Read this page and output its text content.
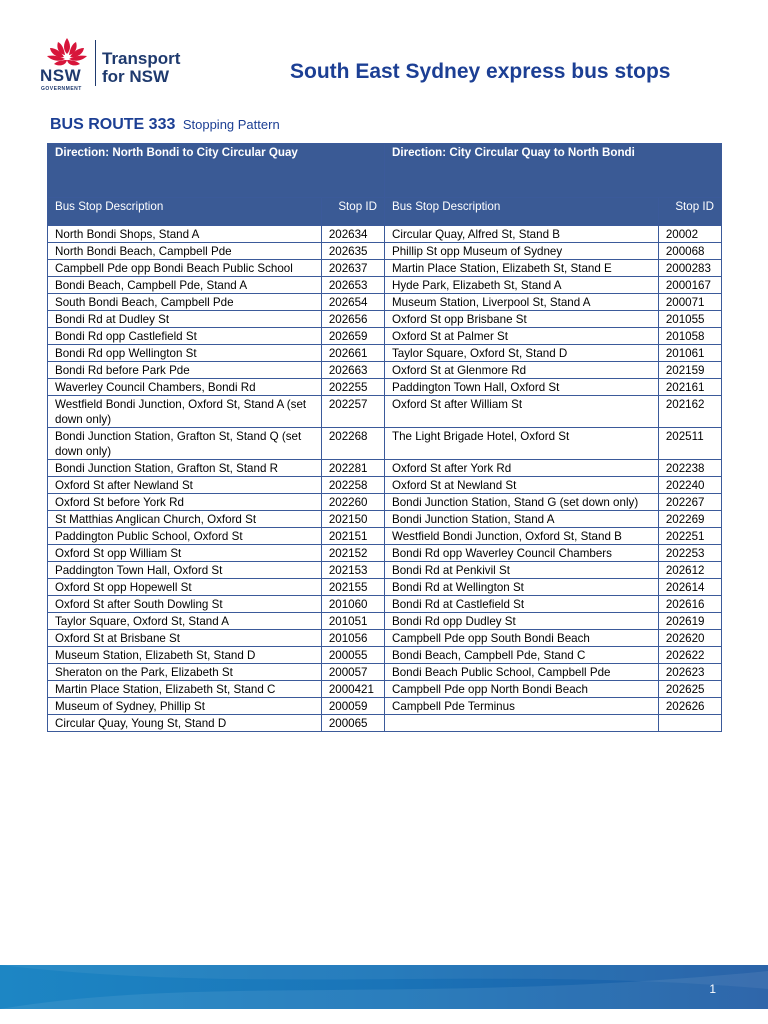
NSW
GOVERNMENT
Transport
for NSW	South East Sydney express bus stops
BUS ROUTE 333 Stopping Pattern
Direction: North Bondi to City Circular Quay		Direction: City Circular Quay to North Bondi	
Bus Stop Description	Stop ID	Bus Stop Description	Stop ID
North Bondi Shops, Stand A	202634	Circular Quay, Alfred St, Stand B	20002
North Bondi Beach, Campbell Pde	202635	Phillip St opp Museum of Sydney	200068
Campbell Pde opp Bondi Beach Public School	202637	Martin Place Station, Elizabeth St, Stand E	2000283
Bondi Beach, Campbell Pde, Stand A	202653	Hyde Park, Elizabeth St, Stand A	2000167
South Bondi Beach, Campbell Pde	202654	Museum Station, Liverpool St, Stand A	200071
Bondi Rd at Dudley St	202656	Oxford St opp Brisbane St	201055
Bondi Rd opp Castlefield St	202659	Oxford St at Palmer St	201058
Bondi Rd opp Wellington St	202661	Taylor Square, Oxford St, Stand D	201061
Bondi Rd before Park Pde	202663	Oxford St at Glenmore Rd	202159
Waverley Council Chambers, Bondi Rd	202255	Paddington Town Hall, Oxford St	202161
Westfield Bondi Junction, Oxford St, Stand A (set down only)	202257	Oxford St after William St	202162
Bondi Junction Station, Grafton St, Stand Q (set down only)	202268	The Light Brigade Hotel, Oxford St	202511
Bondi Junction Station, Grafton St, Stand R	202281	Oxford St after York Rd	202238
Oxford St after Newland St	202258	Oxford St at Newland St	202240
Oxford St before York Rd	202260	Bondi Junction Station, Stand G (set down only)	202267
St Matthias Anglican Church, Oxford St	202150	Bondi Junction Station, Stand A	202269
Paddington Public School, Oxford St	202151	Westfield Bondi Junction, Oxford St, Stand B	202251
Oxford St opp William St	202152	Bondi Rd opp Waverley Council Chambers	202253
Paddington Town Hall, Oxford St	202153	Bondi Rd at Penkivil St	202612
Oxford St opp Hopewell St	202155	Bondi Rd at Wellington St	202614
Oxford St after South Dowling St	201060	Bondi Rd at Castlefield St	202616
Taylor Square, Oxford St, Stand A	201051	Bondi Rd opp Dudley St	202619
Oxford St at Brisbane St	201056	Campbell Pde opp South Bondi Beach	202620
Museum Station, Elizabeth St, Stand D	200055	Bondi Beach, Campbell Pde, Stand C	202622
Sheraton on the Park, Elizabeth St	200057	Bondi Beach Public School, Campbell Pde	202623
Martin Place Station, Elizabeth St, Stand C	2000421	Campbell Pde opp North Bondi Beach	202625
Museum of Sydney, Phillip St	200059	Campbell Pde Terminus	202626
Circular Quay, Young St, Stand D	200065		
1
